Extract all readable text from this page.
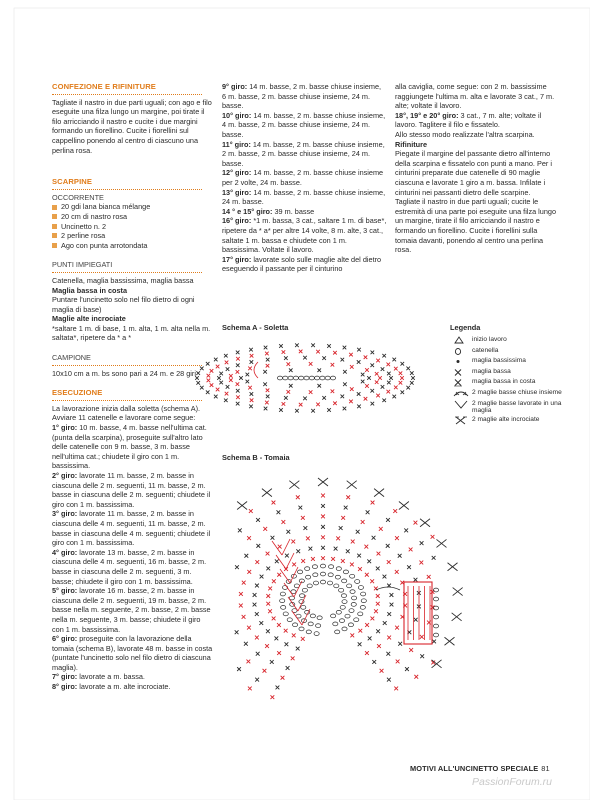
CONFEZIONE E RIFINITURE

Tagliate il nastro in due parti uguali; con ago e filo eseguite una filza lungo un margine, poi tirate il filo arricciando il nastro e cucite i due margini formando un fiorellino. Cucite i fiorellini sul cappellino ponendo al centro di ciascuno una perlina rosa.

SCARPINE

OCCORRENTE

20 gdi lana bianca mélange
20 cm di nastro rosa
Uncinetto n. 2
2 perline rosa
Ago con punta arrotondata

PUNTI IMPIEGATI

Catenella, maglia bassissima, maglia bassa

Maglia bassa in costa

Puntare l'uncinetto solo nel filo dietro di ogni maglia di base)

Maglie alte incrociate

*saltare 1 m. di base, 1 m. alta, 1 m. alta nella m. saltata*, ripetere da * a *

CAMPIONE

10x10 cm a m. bs sono pari a 24 m. e 28 giri

ESECUZIONE

La lavorazione inizia dalla soletta (schema A). Avviare 11 catenelle e lavorare come segue:

1° giro: 10 m. basse, 4 m. basse nell'ultima cat. (punta della scarpina), proseguite sull'altro lato delle catenelle con 9 m. basse, 3 m. basse nell'ultima cat.; chiudete il giro con 1 m. bassissima.

2° giro: lavorate 11 m. basse, 2 m. basse in ciascuna delle 2 m. seguenti, 11 m. basse, 2 m. basse in ciascuna delle 2 m. seguenti; chiudete il giro con 1 m. bassissima.

3° giro: lavorate 11 m. basse, 2 m. basse in ciascuna delle 4 m. seguenti, 11 m. basse, 2 m. basse in ciascuna delle 4 m. seguenti; chiudete il giro con 1 m. bassissima.

4° giro: lavorate 13 m. basse, 2 m. basse in ciascuna delle 4 m. seguenti, 16 m. basse, 2 m. basse in ciascuna delle 2 m. seguenti, 3 m. basse; chiudete il giro con 1 m. bassissima.

5° giro: lavorate 16 m. basse, 2 m. basse in ciascuna delle 2 m. seguenti, 19 m. basse, 2 m. basse nella m. seguente, 2 m. basse, 2 m. basse nella m. seguente, 3 m. basse; chiudete il giro con 1 m. bassissima.

6° giro: proseguite con la lavorazione della tomaia (schema B), lavorate 48 m. basse in costa (puntate l'uncinetto solo nel filo dietro di ciascuna maglia).

7° giro: lavorate a m. bassa.

8° giro: lavorate a m. alte incrociate.

9° giro: 14 m. basse, 2 m. basse chiuse insieme, 6 m. basse, 2 m. basse chiuse insieme, 24 m. basse.

10° giro: 14 m. basse, 2 m. basse chiuse insieme, 4 m. basse, 2 m. basse chiuse insieme, 24 m. basse.

11° giro: 14 m. basse, 2 m. basse chiuse insieme, 2 m. basse, 2 m. basse chiuse insieme, 24 m. basse.

12° giro: 14 m. basse, 2 m. basse chiuse insieme per 2 volte, 24 m. basse.

13° giro: 14 m. basse, 2 m. basse chiuse insieme, 24 m. basse.

14 ° e 15° giro: 39 m. basse

16° giro: *1 m. bassa, 3 cat., saltare 1 m. di base*, ripetere da * a* per altre 14 volte, 8 m. alte, 3 cat., saltate 1 m. bassa e chiudete con 1 m. bassissima. Voltate il lavoro.

17° giro: lavorate solo sulle maglie alte del dietro eseguendo il passante per il cinturino

alla caviglia, come segue: con 2 m. bassissime raggiungete l'ultima m. alta e lavorate 3 cat., 7 m. alte; voltate il lavoro.

18°, 19° e 20° giro: 3 cat., 7 m. alte; voltate il lavoro. Taglitere il filo e fissatelo.

Allo stesso modo realizzate l'altra scarpina.

Rifiniture

Piegate il margine del passante dietro all'interno della scarpina e fissatelo con punti a mano. Per i cinturini preparate due catenelle di 90 maglie ciascuna e lavorate 1 giro a m. bassa. Infilate i cinturini nei passanti dietro delle scarpine.

Tagliate il nastro in due parti uguali; cucite le estremità di una parte poi eseguite una filza lungo un margine, tirate il filo arricciando il nastro e formando un fiorellino. Cucite i fiorellini sulla tomaia davanti, ponendo al centro una perlina rosa.

Schema A - Soletta
Schema B - Tomaia
Legenda
inizio lavoro
catenella
maglia bassissima
maglia bassa
maglia bassa in costa
2 maglie basse chiuse insieme
2 maglie basse lavorate in una maglia
2 maglie alte incrociate
MOTIVI ALL'UNCINETTO SPECIALE 81
PassionForum.ru
